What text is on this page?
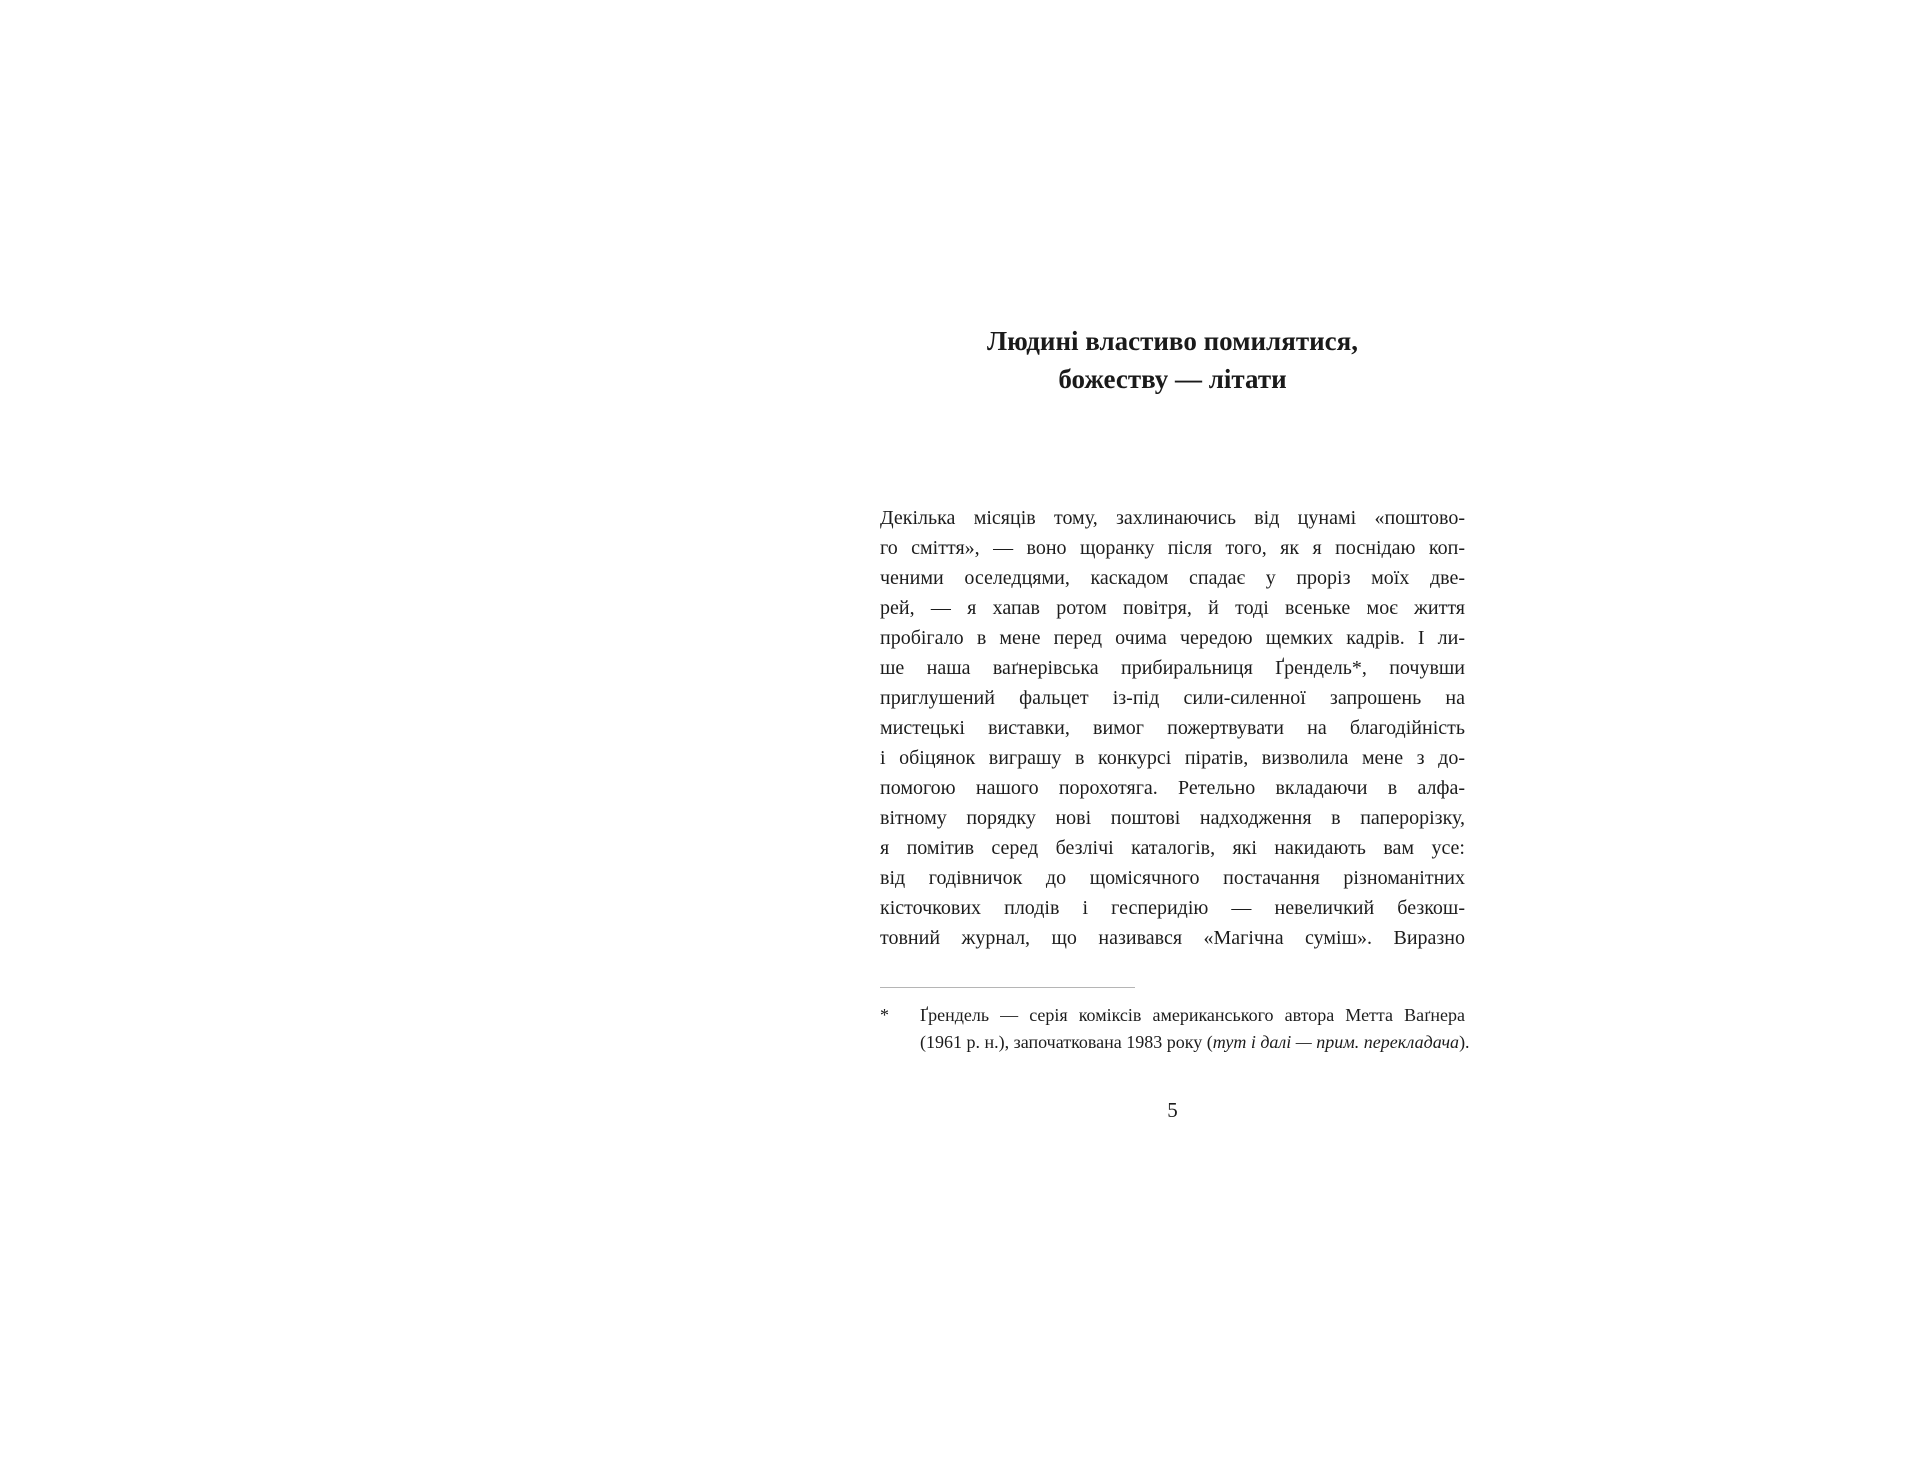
Людині властиво помилятися,
божеству — літати
Декілька місяців тому, захлинаючись від цунамі «поштово-
го сміття», — воно щоранку після того, як я поснідаю коп-
ченими оселедцями, каскадом спадає у проріз моїх две-
рей, — я хапав ротом повітря, й тоді всеньке моє життя
пробігало в мене перед очима чередою щемких кадрів. І ли-
ше наша ваґнерівська прибиральниця Ґрендель*, почувши
приглушений фальцет із-під сили-силенної запрошень на
мистецькі виставки, вимог пожертвувати на благодійність
і обіцянок виграшу в конкурсі піратів, визволила мене з до-
помогою нашого порохотяга. Ретельно вкладаючи в алфа-
вітному порядку нові поштові надходження в паперорізку,
я помітив серед безлічі каталогів, які накидають вам усе:
від годівничок до щомісячного постачання різноманітних
кісточкових плодів і гесперидію — невеличкий безкош-
товний журнал, що називався «Магічна суміш». Виразно
*	Ґрендель — серія коміксів американського автора Метта Ваґнера
(1961 р. н.), започаткована 1983 року (тут і далі — прим. перекладача).
5
